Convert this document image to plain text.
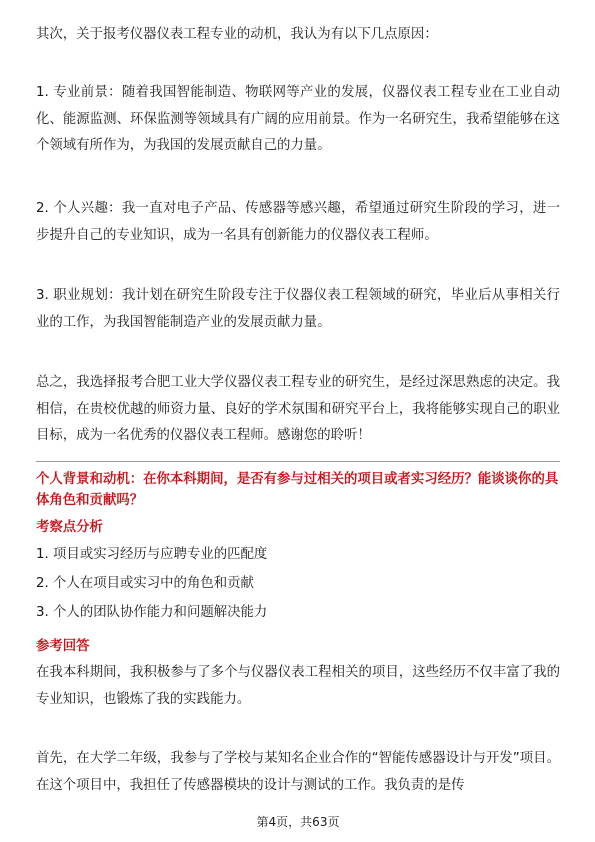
其次，关于报考仪器仪表工程专业的动机，我认为有以下几点原因：

1. 专业前景：随着我国智能制造、物联网等产业的发展，仪器仪表工程专业在工业自动化、能源监测、环保监测等领域具有广阔的应用前景。作为一名研究生，我希望能够在这个领域有所作为，为我国的发展贡献自己的力量。

2. 个人兴趣：我一直对电子产品、传感器等感兴趣，希望通过研究生阶段的学习，进一步提升自己的专业知识，成为一名具有创新能力的仪器仪表工程师。

3. 职业规划：我计划在研究生阶段专注于仪器仪表工程领域的研究，毕业后从事相关行业的工作，为我国智能制造产业的发展贡献力量。

总之，我选择报考合肥工业大学仪器仪表工程专业的研究生，是经过深思熟虑的决定。我相信，在贵校优越的师资力量、良好的学术氛围和研究平台上，我将能够实现自己的职业目标，成为一名优秀的仪器仪表工程师。感谢您的聆听！

个人背景和动机：在你本科期间，是否有参与过相关的项目或者实习经历？能谈谈你的具体角色和贡献吗？

考察点分析

1. 项目或实习经历与应聘专业的匹配度

2. 个人在项目或实习中的角色和贡献

3. 个人的团队协作能力和问题解决能力

参考回答

在我本科期间，我积极参与了多个与仪器仪表工程相关的项目，这些经历不仅丰富了我的专业知识，也锻炼了我的实践能力。

首先，在大学二年级，我参与了学校与某知名企业合作的“智能传感器设计与开发”项目。在这个项目中，我担任了传感器模块的设计与测试的工作。我负责的是传

第4页，共63页
